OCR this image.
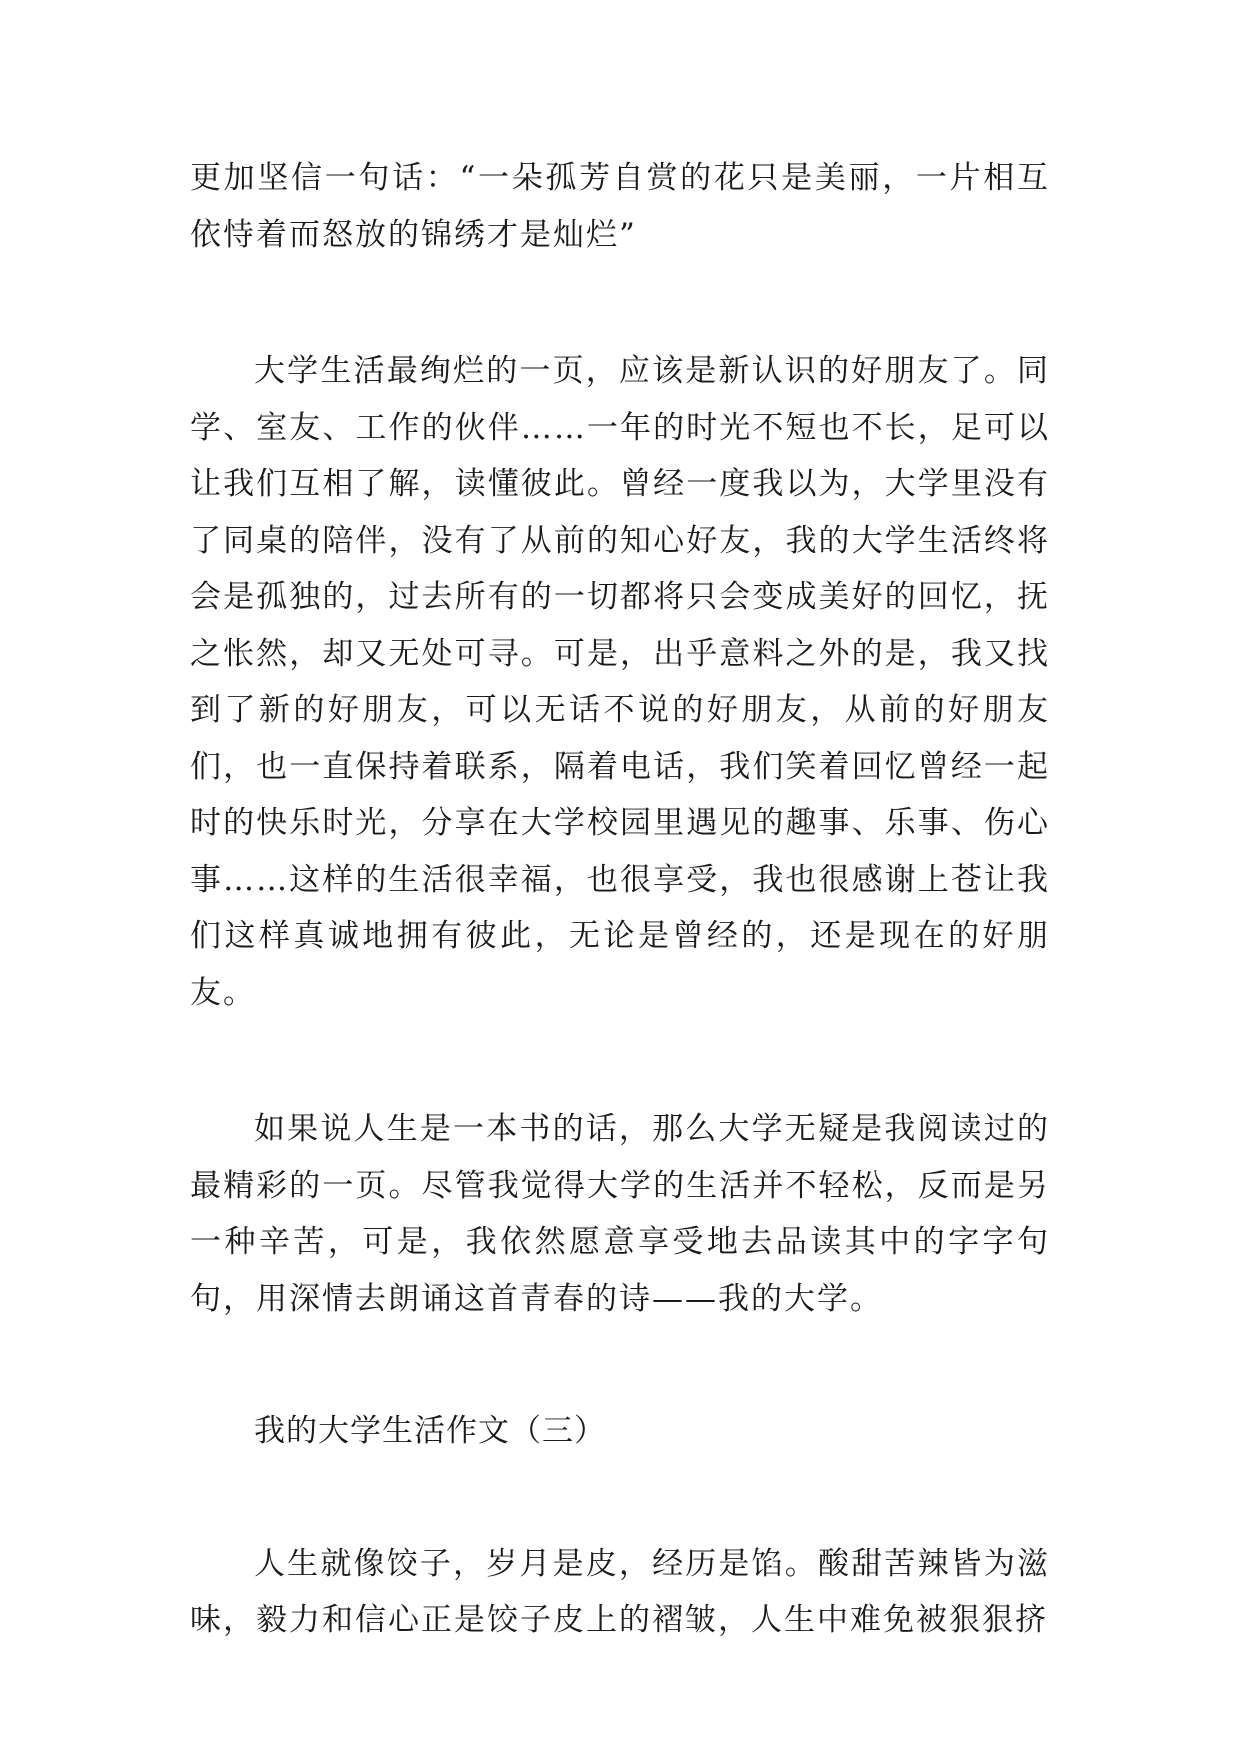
更加坚信一句话：“一朵孤芳自赏的花只是美丽，一片相互依恃着而怒放的锦绣才是灿烂”

大学生活最绚烂的一页，应该是新认识的好朋友了。同学、室友、工作的伙伴……一年的时光不短也不长，足可以让我们互相了解，读懂彼此。曾经一度我以为，大学里没有了同桌的陪伴，没有了从前的知心好友，我的大学生活终将会是孤独的，过去所有的一切都将只会变成美好的回忆，抚之怅然，却又无处可寻。可是，出乎意料之外的是，我又找到了新的好朋友，可以无话不说的好朋友，从前的好朋友们，也一直保持着联系，隔着电话，我们笑着回忆曾经一起时的快乐时光，分享在大学校园里遇见的趣事、乐事、伤心事……这样的生活很幸福，也很享受，我也很感谢上苍让我们这样真诚地拥有彼此，无论是曾经的，还是现在的好朋友。

如果说人生是一本书的话，那么大学无疑是我阅读过的最精彩的一页。尽管我觉得大学的生活并不轻松，反而是另一种辛苦，可是，我依然愿意享受地去品读其中的字字句句，用深情去朗诵这首青春的诗——我的大学。

我的大学生活作文（三）

人生就像饺子，岁月是皮，经历是馅。酸甜苦辣皆为滋味，毅力和信心正是饺子皮上的褶皱，人生中难免被狠狠挤
